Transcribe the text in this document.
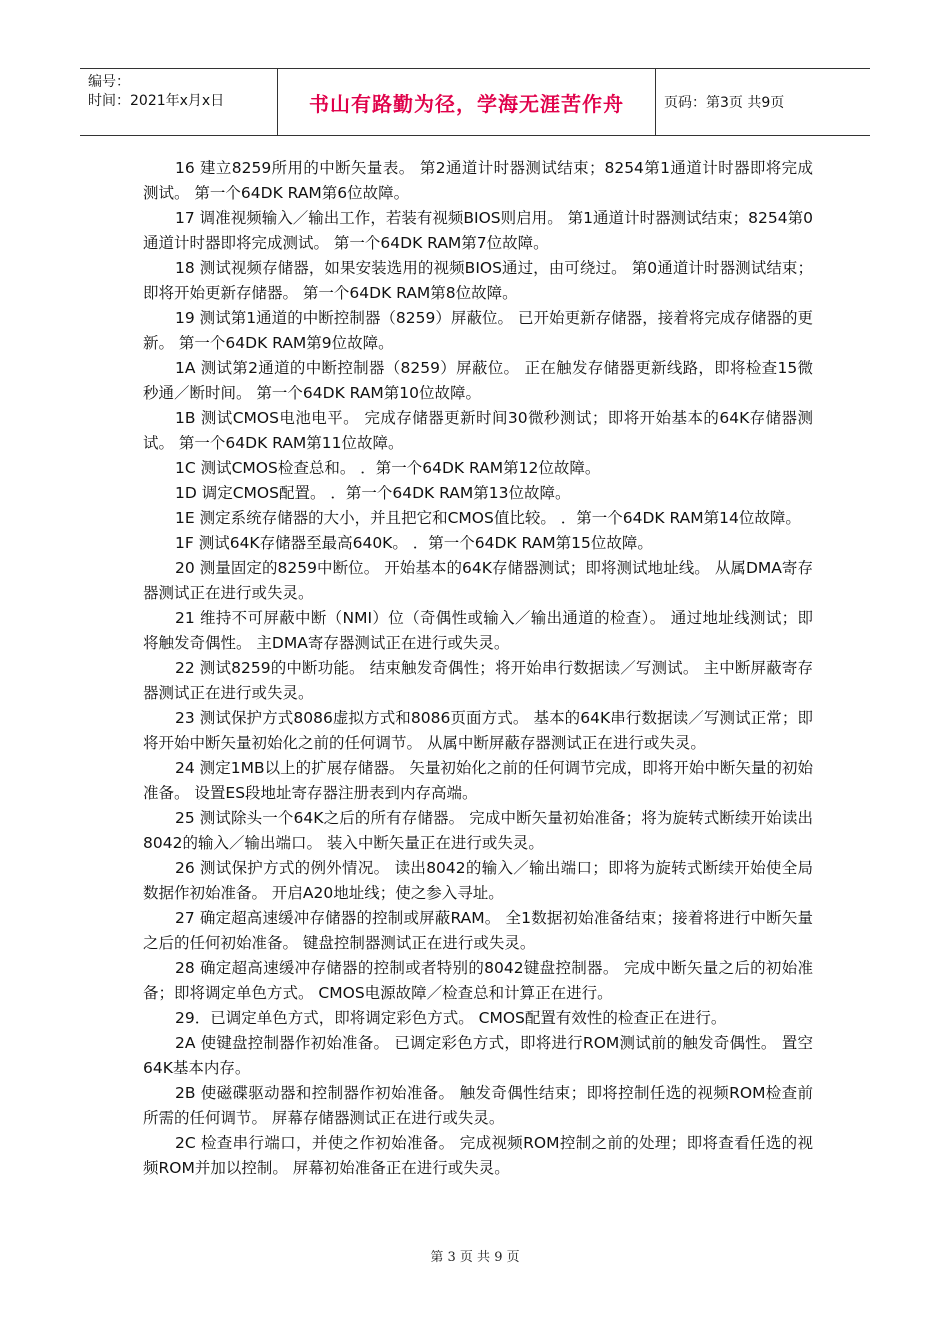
编号：
时间：2021年x月x日	书山有路勤为径，学海无涯苦作舟	页码：第3页 共9页

16 建立8259所用的中断矢量表。 第2通道计时器测试结束；8254第1通道计时器即将完成测试。 第一个64DK RAM第6位故障。

17 调准视频输入／输出工作，若装有视频BIOS则启用。 第1通道计时器测试结束；8254第0通道计时器即将完成测试。 第一个64DK RAM第7位故障。

18 测试视频存储器，如果安装选用的视频BIOS通过，由可绕过。 第0通道计时器测试结束；即将开始更新存储器。 第一个64DK RAM第8位故障。

19 测试第1通道的中断控制器（8259）屏蔽位。 已开始更新存储器，接着将完成存储器的更新。 第一个64DK RAM第9位故障。

1A 测试第2通道的中断控制器（8259）屏蔽位。 正在触发存储器更新线路，即将检查15微秒通／断时间。 第一个64DK RAM第10位故障。

1B 测试CMOS电池电平。 完成存储器更新时间30微秒测试；即将开始基本的64K存储器测试。 第一个64DK RAM第11位故障。

1C 测试CMOS检查总和。 ．第一个64DK RAM第12位故障。

1D 调定CMOS配置。 ．第一个64DK RAM第13位故障。

1E 测定系统存储器的大小，并且把它和CMOS值比较。 ．第一个64DK RAM第14位故障。

1F 测试64K存储器至最高640K。 ．第一个64DK RAM第15位故障。

20 测量固定的8259中断位。 开始基本的64K存储器测试；即将测试地址线。 从属DMA寄存器测试正在进行或失灵。

21 维持不可屏蔽中断（NMI）位（奇偶性或输入／输出通道的检查）。 通过地址线测试；即将触发奇偶性。 主DMA寄存器测试正在进行或失灵。

22 测试8259的中断功能。 结束触发奇偶性；将开始串行数据读／写测试。 主中断屏蔽寄存器测试正在进行或失灵。

23 测试保护方式8086虚拟方式和8086页面方式。 基本的64K串行数据读／写测试正常；即将开始中断矢量初始化之前的任何调节。 从属中断屏蔽存器测试正在进行或失灵。

24 测定1MB以上的扩展存储器。 矢量初始化之前的任何调节完成，即将开始中断矢量的初始准备。 设置ES段地址寄存器注册表到内存高端。

25 测试除头一个64K之后的所有存储器。 完成中断矢量初始准备；将为旋转式断续开始读出8042的输入／输出端口。 装入中断矢量正在进行或失灵。

26 测试保护方式的例外情况。 读出8042的输入／输出端口；即将为旋转式断续开始使全局数据作初始准备。 开启A20地址线；使之参入寻址。

27 确定超高速缓冲存储器的控制或屏蔽RAM。 全1数据初始准备结束；接着将进行中断矢量之后的任何初始准备。 键盘控制器测试正在进行或失灵。

28 确定超高速缓冲存储器的控制或者特别的8042键盘控制器。 完成中断矢量之后的初始准备；即将调定单色方式。 CMOS电源故障／检查总和计算正在进行。

29．已调定单色方式，即将调定彩色方式。 CMOS配置有效性的检查正在进行。

2A 使键盘控制器作初始准备。 已调定彩色方式，即将进行ROM测试前的触发奇偶性。 置空64K基本内存。

2B 使磁碟驱动器和控制器作初始准备。 触发奇偶性结束；即将控制任选的视频ROM检查前所需的任何调节。 屏幕存储器测试正在进行或失灵。

2C 检查串行端口，并使之作初始准备。 完成视频ROM控制之前的处理；即将查看任选的视频ROM并加以控制。 屏幕初始准备正在进行或失灵。

第 3 页 共 9 页
